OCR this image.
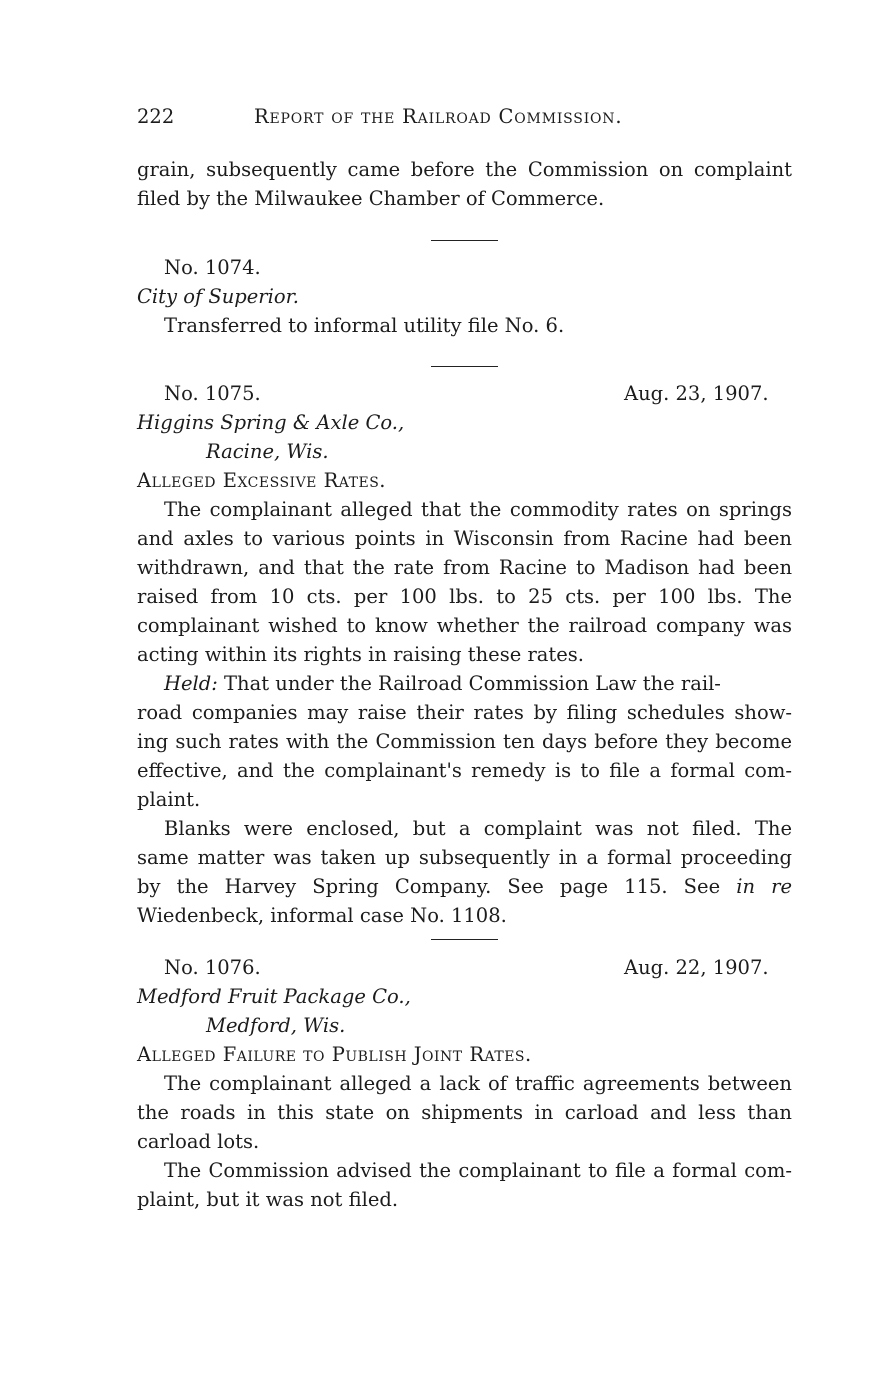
222	Report of the Railroad Commission.
grain, subsequently came before the Commission on complaint
filed by the Milwaukee Chamber of Commerce.
No. 1074.
City of Superior.
Transferred to informal utility file No. 6.
No. 1075.	Aug. 23, 1907.
Higgins Spring & Axle Co.,
Racine, Wis.
Alleged Excessive Rates.
The complainant alleged that the commodity rates on springs
and axles to various points in Wisconsin from Racine had been
withdrawn, and that the rate from Racine to Madison had been
raised from 10 cts. per 100 lbs. to 25 cts. per 100 lbs. The
complainant wished to know whether the railroad company was
acting within its rights in raising these rates.
Held: That under the Railroad Commission Law the rail-
road companies may raise their rates by filing schedules show-
ing such rates with the Commission ten days before they become
effective, and the complainant's remedy is to file a formal com-
plaint.
Blanks were enclosed, but a complaint was not filed. The
same matter was taken up subsequently in a formal proceeding
by the Harvey Spring Company. See page 115. See in re
Wiedenbeck, informal case No. 1108.
No. 1076.	Aug. 22, 1907.
Medford Fruit Package Co.,
Medford, Wis.
Alleged Failure to Publish Joint Rates.
The complainant alleged a lack of traffic agreements between
the roads in this state on shipments in carload and less than
carload lots.
The Commission advised the complainant to file a formal com-
plaint, but it was not filed.
